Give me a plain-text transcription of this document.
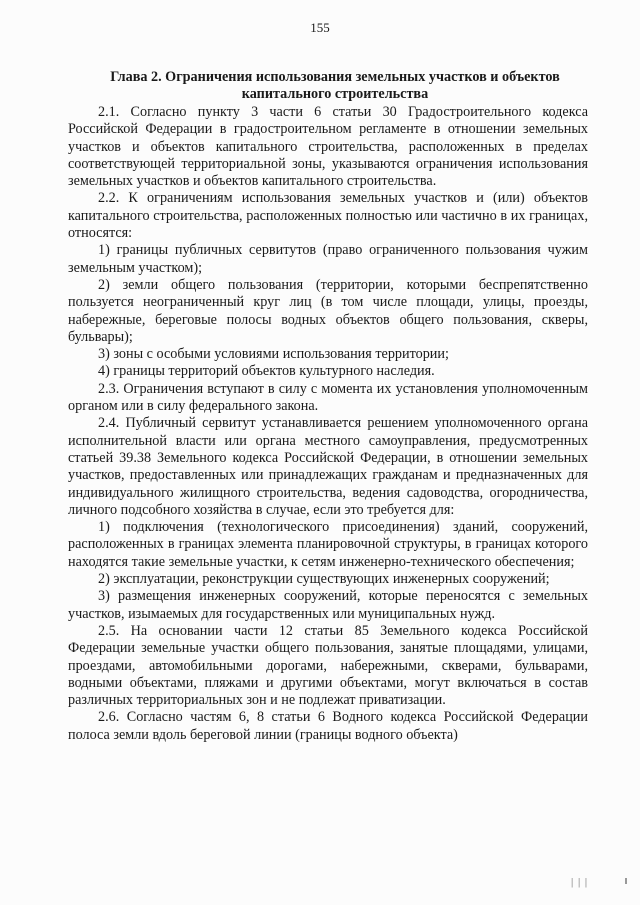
155
Глава 2. Ограничения использования земельных участков и объектов капитального строительства

2.1. Согласно пункту 3 части 6 статьи 30 Градостроительного кодекса Российской Федерации в градостроительном регламенте в отношении земельных участков и объектов капитального строительства, расположенных в пределах соответствующей территориальной зоны, указываются ограничения использования земельных участков и объектов капитального строительства.

2.2. К ограничениям использования земельных участков и (или) объектов капитального строительства, расположенных полностью или частично в их границах, относятся:

1) границы публичных сервитутов (право ограниченного пользования чужим земельным участком);

2) земли общего пользования (территории, которыми беспрепятственно пользуется неограниченный круг лиц (в том числе площади, улицы, проезды, набережные, береговые полосы водных объектов общего пользования, скверы, бульвары);

3) зоны с особыми условиями использования территории;

4) границы территорий объектов культурного наследия.

2.3. Ограничения вступают в силу с момента их установления уполномоченным органом или в силу федерального закона.

2.4. Публичный сервитут устанавливается решением уполномоченного органа исполнительной власти или органа местного самоуправления, предусмотренных статьей 39.38 Земельного кодекса Российской Федерации, в отношении земельных участков, предоставленных или принадлежащих гражданам и предназначенных для индивидуального жилищного строительства, ведения садоводства, огородничества, личного подсобного хозяйства в случае, если это требуется для:

1) подключения (технологического присоединения) зданий, сооружений, расположенных в границах элемента планировочной структуры, в границах которого находятся такие земельные участки, к сетям инженерно-технического обеспечения;

2) эксплуатации, реконструкции существующих инженерных сооружений;

3) размещения инженерных сооружений, которые переносятся с земельных участков, изымаемых для государственных или муниципальных нужд.

2.5. На основании части 12 статьи 85 Земельного кодекса Российской Федерации земельные участки общего пользования, занятые площадями, улицами, проездами, автомобильными дорогами, набережными, скверами, бульварами, водными объектами, пляжами и другими объектами, могут включаться в состав различных территориальных зон и не подлежат приватизации.

2.6. Согласно частям 6, 8 статьи 6 Водного кодекса Российской Федерации полоса земли вдоль береговой линии (границы водного объекта)

| | |
